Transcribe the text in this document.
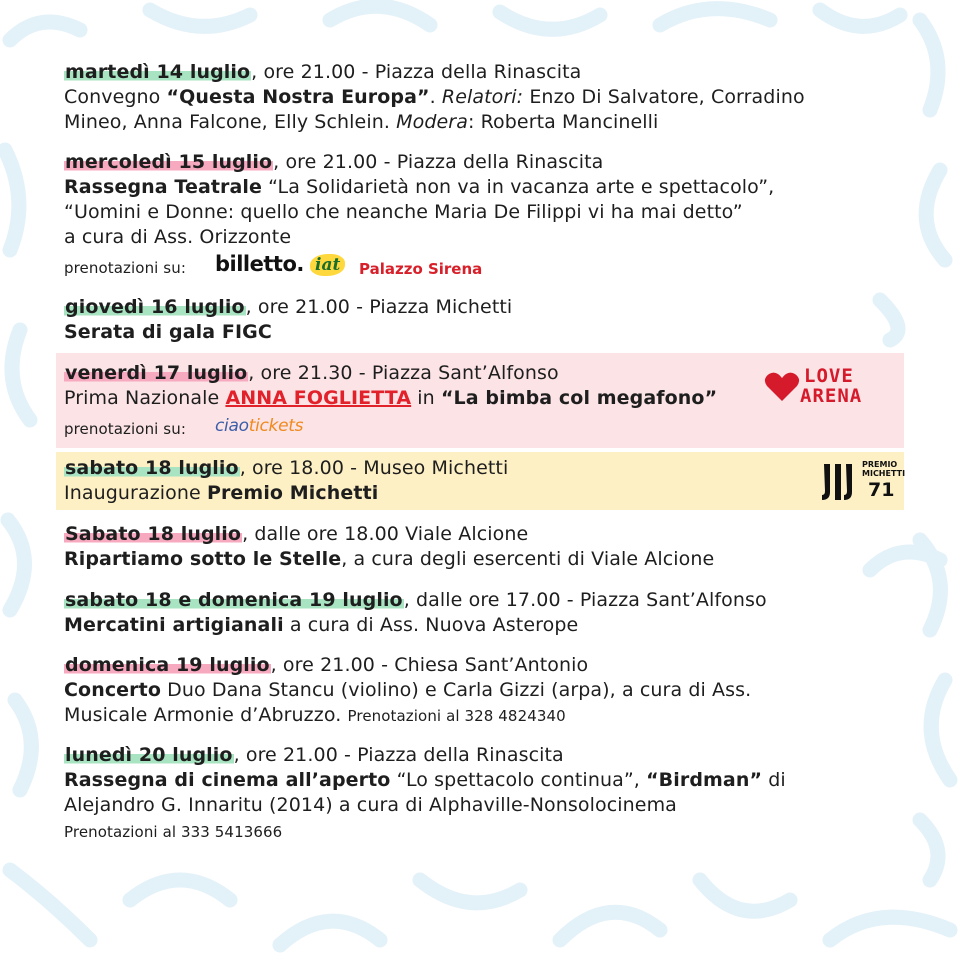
martedì 14 luglio, ore 21.00 - Piazza della Rinascita
Convegno “Questa Nostra Europa”. Relatori: Enzo Di Salvatore, Corradino
Mineo, Anna Falcone, Elly Schlein. Modera: Roberta Mancinelli
mercoledì 15 luglio, ore 21.00 - Piazza della Rinascita
Rassegna Teatrale “La Solidarietà non va in vacanza arte e spettacolo”,
“Uomini e Donne: quello che neanche Maria De Filippi vi ha mai detto”
a cura di Ass. Orizzonte
prenotazioni su: billetto. iat	Palazzo Sirena
giovedì 16 luglio, ore 21.00 - Piazza Michetti
Serata di gala FIGC
venerdì 17 luglio, ore 21.30 - Piazza Sant’Alfonso
Prima Nazionale ANNA FOGLIETTA in “La bimba col megafono”
prenotazioni su: ciaotickets
LOVE
ARENA
sabato 18 luglio, ore 18.00 - Museo Michetti
Inaugurazione Premio Michetti
PREMIO
MICHETTI
71
Sabato 18 luglio, dalle ore 18.00 Viale Alcione
Ripartiamo sotto le Stelle, a cura degli esercenti di Viale Alcione
sabato 18 e domenica 19 luglio, dalle ore 17.00 - Piazza Sant’Alfonso
Mercatini artigianali a cura di Ass. Nuova Asterope
domenica 19 luglio, ore 21.00 - Chiesa Sant’Antonio
Concerto Duo Dana Stancu (violino) e Carla Gizzi (arpa), a cura di Ass.
Musicale Armonie d’Abruzzo. Prenotazioni al 328 4824340
lunedì 20 luglio, ore 21.00 - Piazza della Rinascita
Rassegna di cinema all’aperto “Lo spettacolo continua”, “Birdman” di
Alejandro G. Innaritu (2014) a cura di Alphaville-Nonsolocinema
Prenotazioni al 333 5413666
